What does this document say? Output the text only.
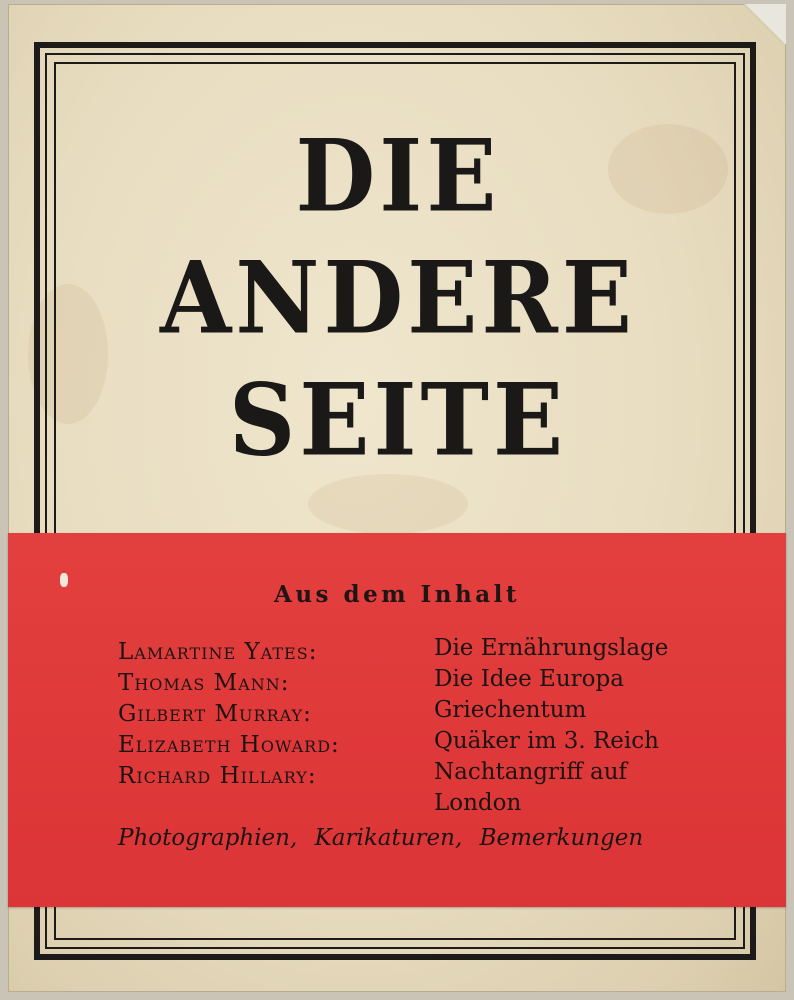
DIE
ANDERE
SEITE
Aus dem Inhalt
Lamartine Yates:	Die Ernährungslage
Thomas Mann:	Die Idee Europa
Gilbert Murray:	Griechentum
Elizabeth Howard:	Quäker im 3. Reich
Richard Hillary:	Nachtangriff auf
London
Photographien, Karikaturen, Bemerkungen
